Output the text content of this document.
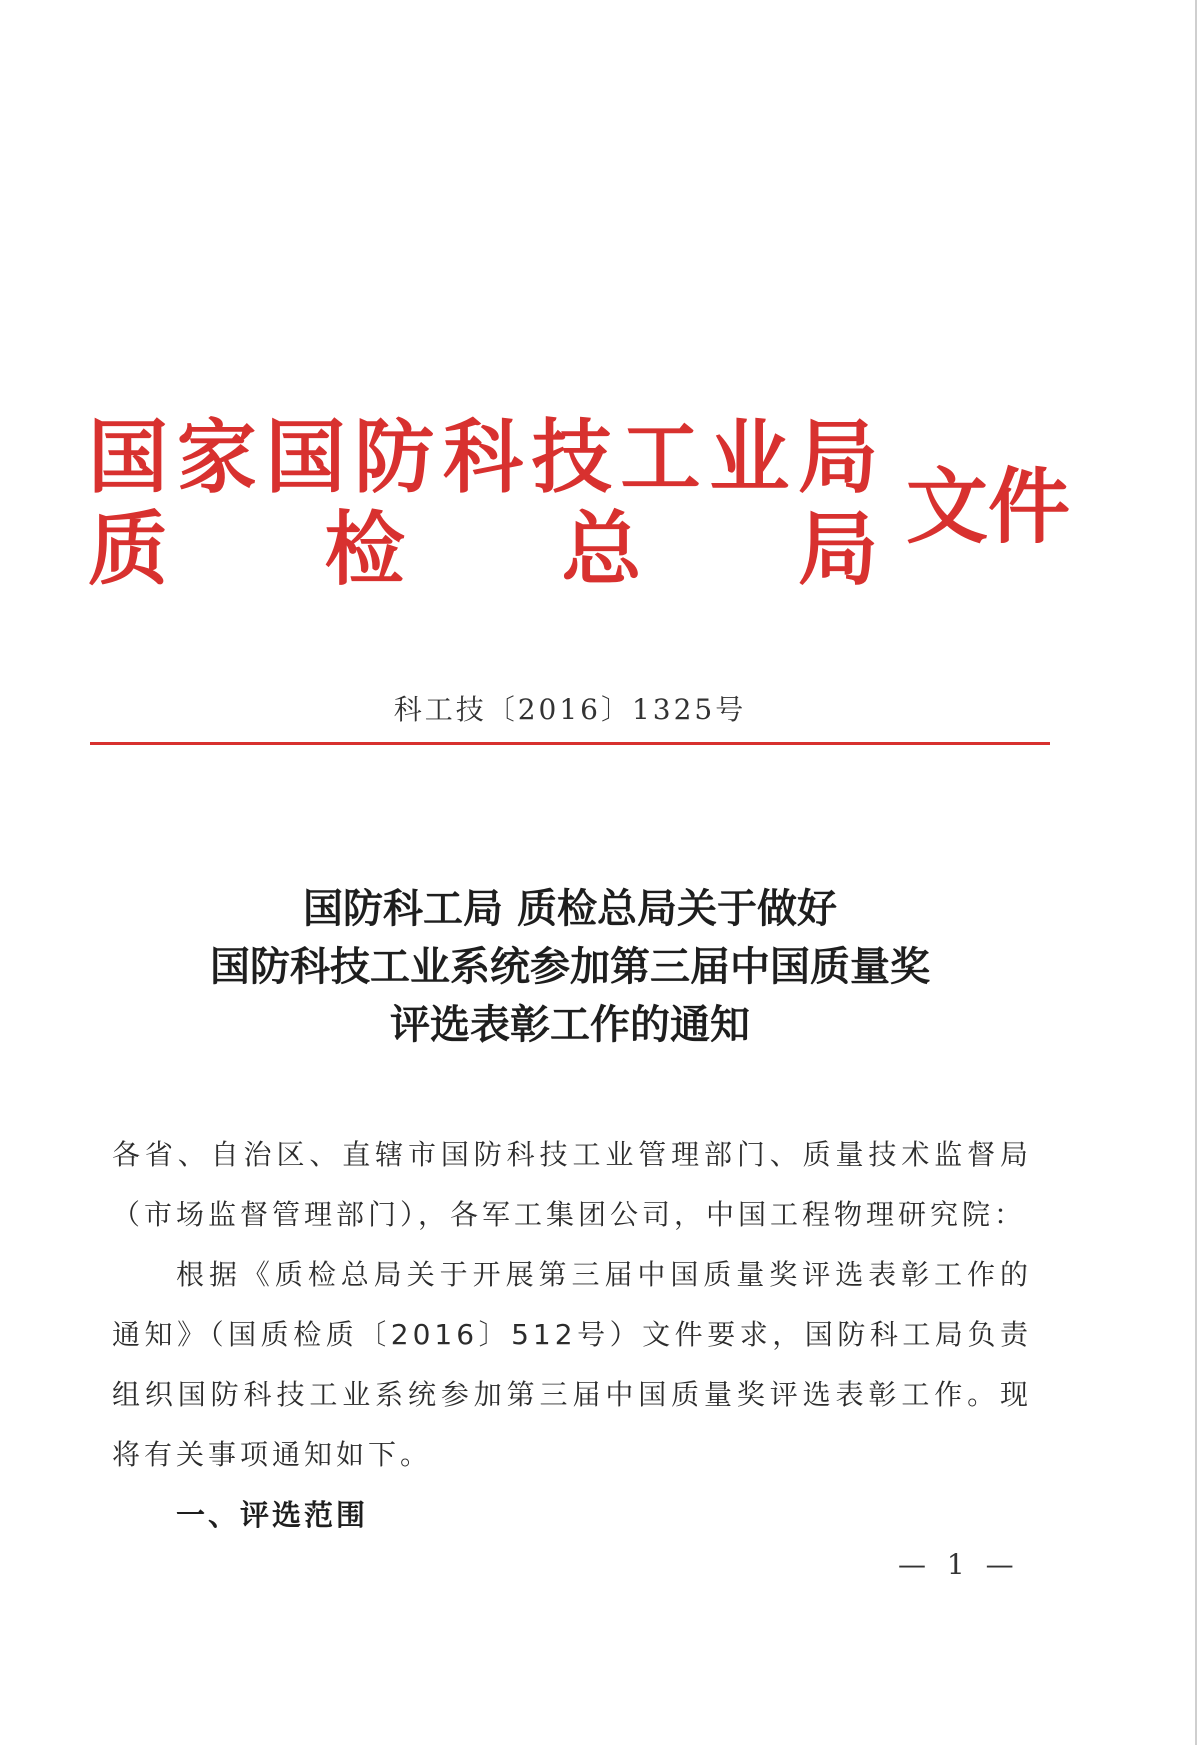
国 家 国 防 科 技 工 业 局
质 检 总 局 文件
科工技〔2016〕1325号
国防科工局 质检总局关于做好
国防科技工业系统参加第三届中国质量奖
评选表彰工作的通知

各省、自治区、直辖市国防科技工业管理部门、质量技术监督局（市场监督管理部门），各军工集团公司，中国工程物理研究院：

根据《质检总局关于开展第三届中国质量奖评选表彰工作的通知》（国质检质〔2016〕512号）文件要求，国防科工局负责组织国防科技工业系统参加第三届中国质量奖评选表彰工作。现将有关事项通知如下。

一、评选范围

— 1 —
